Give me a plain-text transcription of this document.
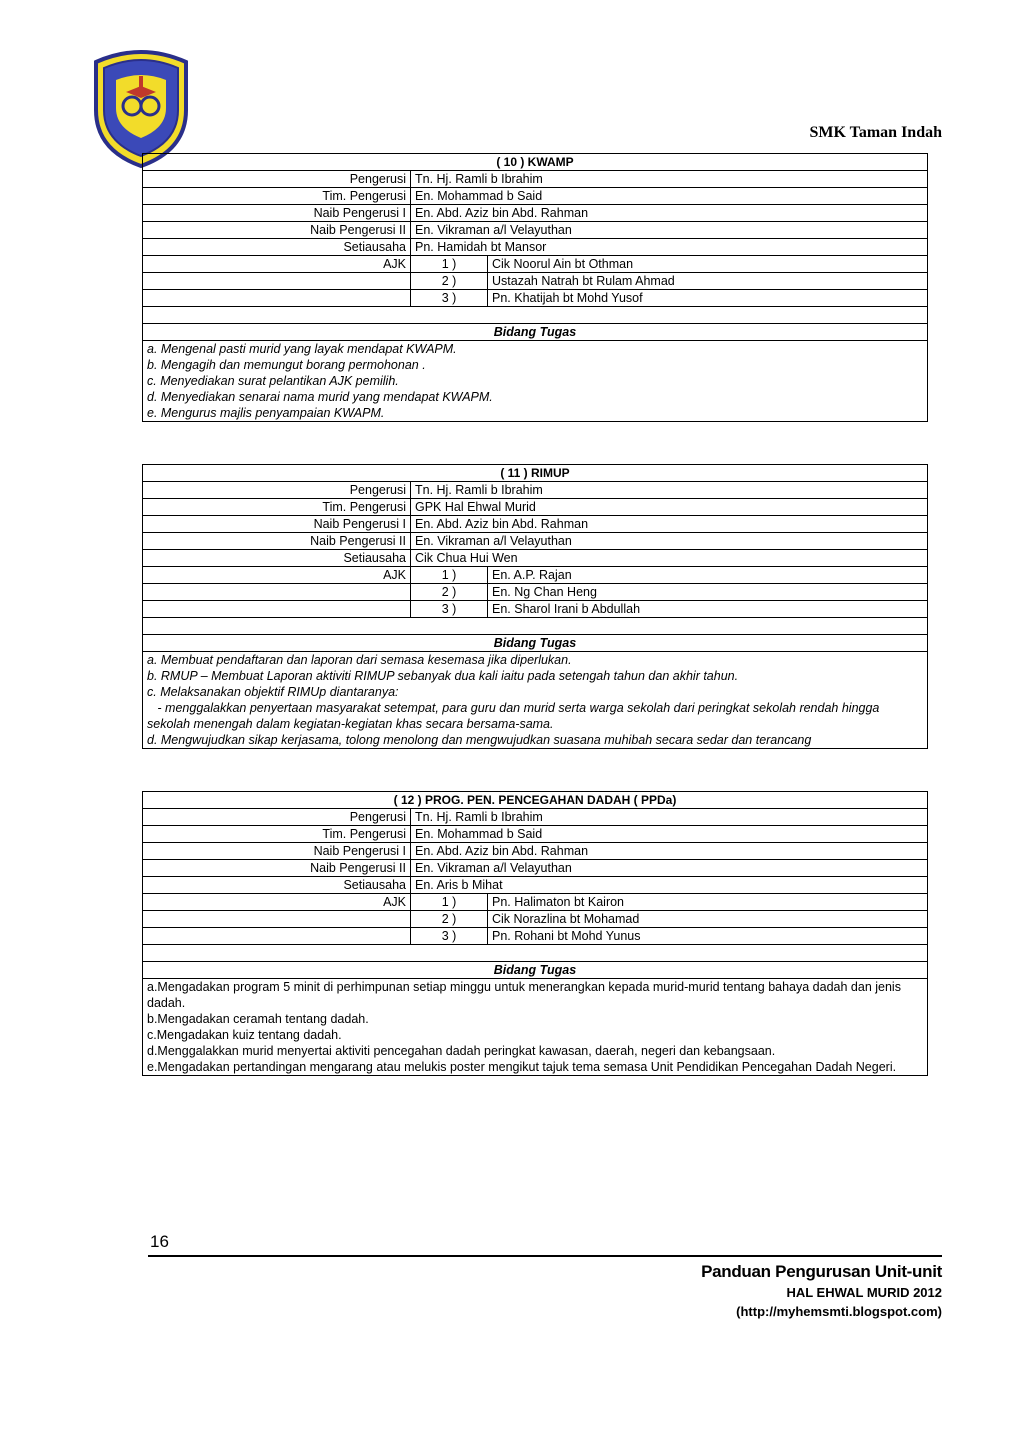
SMK Taman Indah
( 10 ) KWAMP		
Pengerusi	Tn. Hj. Ramli b Ibrahim	
Tim. Pengerusi	En. Mohammad b Said	
Naib Pengerusi I	En. Abd. Aziz bin Abd. Rahman	
Naib Pengerusi II	En. Vikraman a/l Velayuthan	
Setiausaha	Pn. Hamidah bt Mansor	
AJK	1 )	Cik Noorul Ain bt Othman
	2 )	Ustazah Natrah bt Rulam Ahmad
	3 )	Pn. Khatijah bt Mohd Yusof

Bidang Tugas		

a. Mengenal pasti murid yang layak mendapat KWAPM.
b. Mengagih dan memungut borang permohonan .
c. Menyediakan surat pelantikan AJK pemilih.
d. Menyediakan senarai nama murid yang mendapat KWAPM.
e. Mengurus majlis penyampaian KWAPM.		
( 11 ) RIMUP		
Pengerusi	Tn. Hj. Ramli b Ibrahim	
Tim. Pengerusi	GPK Hal Ehwal Murid	
Naib Pengerusi I	En. Abd. Aziz bin Abd. Rahman	
Naib Pengerusi II	En. Vikraman a/l Velayuthan	
Setiausaha	Cik Chua Hui Wen	
AJK	1 )	En. A.P. Rajan
	2 )	En. Ng Chan Heng
	3 )	En. Sharol Irani b Abdullah

Bidang Tugas		

a. Membuat pendaftaran dan laporan dari semasa kesemasa jika diperlukan.
b. RMUP – Membuat Laporan aktiviti RIMUP sebanyak dua kali iaitu pada setengah tahun dan akhir tahun.
c. Melaksanakan objektif RIMUp diantaranya:
- menggalakkan penyertaan masyarakat setempat, para guru dan murid serta warga sekolah dari peringkat sekolah rendah hingga sekolah menengah dalam kegiatan-kegiatan khas secara bersama-sama.
d. Mengwujudkan sikap kerjasama, tolong menolong dan mengwujudkan suasana muhibah secara sedar dan terancang		
( 12 ) PROG. PEN. PENCEGAHAN DADAH ( PPDa)		
Pengerusi	Tn. Hj. Ramli b Ibrahim	
Tim. Pengerusi	En. Mohammad b Said	
Naib Pengerusi I	En. Abd. Aziz bin Abd. Rahman	
Naib Pengerusi II	En. Vikraman a/l Velayuthan	
Setiausaha	En. Aris b Mihat	
AJK	1 )	Pn. Halimaton bt Kairon
	2 )	Cik Norazlina bt Mohamad
	3 )	Pn. Rohani bt Mohd Yunus

Bidang Tugas		

a.Mengadakan program 5 minit di perhimpunan setiap minggu untuk menerangkan kepada murid-murid tentang bahaya dadah dan jenis dadah.
b.Mengadakan ceramah tentang dadah.
c.Mengadakan kuiz tentang dadah.
d.Menggalakkan murid menyertai aktiviti pencegahan dadah peringkat kawasan, daerah, negeri dan kebangsaan.
e.Mengadakan pertandingan mengarang atau melukis poster mengikut tajuk tema semasa Unit Pendidikan Pencegahan Dadah Negeri.		
16
Panduan Pengurusan Unit-unit
HAL EHWAL MURID 2012
(http://myhemsmti.blogspot.com)
